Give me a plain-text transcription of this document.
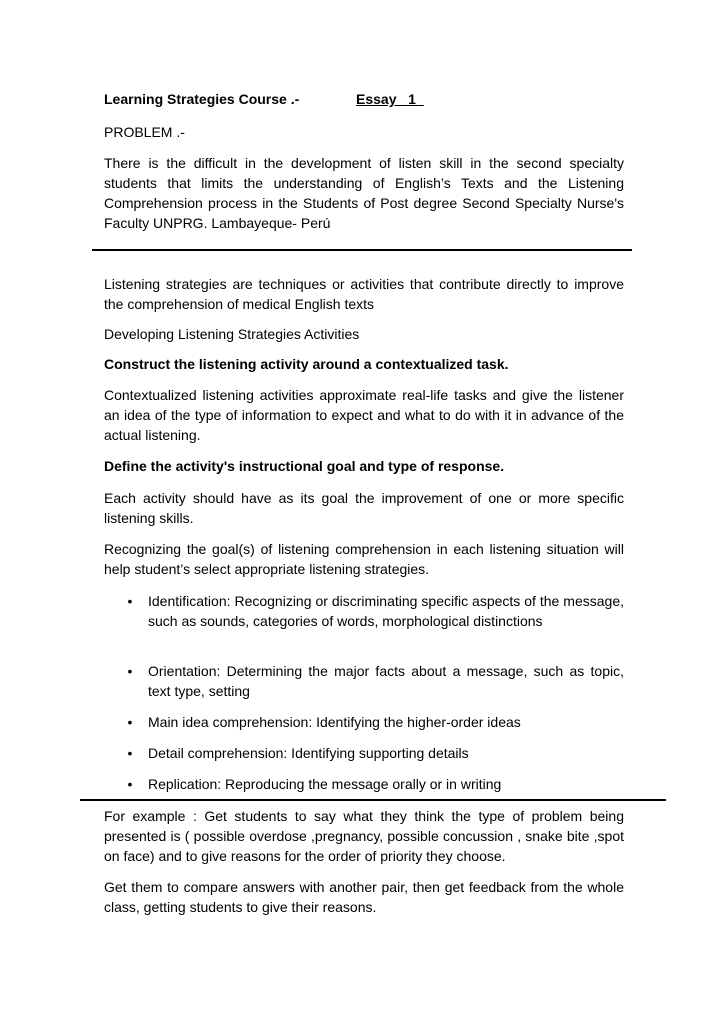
Learning Strategies Course .-	Essay   1
PROBLEM .-
There is the difficult in the development of listen skill in the second specialty students that limits the understanding of English’s Texts and the Listening Comprehension process in the Students of Post degree Second Specialty Nurse's Faculty UNPRG. Lambayeque- Perú
Listening strategies are techniques or activities that contribute directly to improve the comprehension of medical English texts
Developing Listening Strategies Activities
Construct the listening activity around a contextualized task.
Contextualized listening activities approximate real-life tasks and give the listener an idea of the type of information to expect and what to do with it in advance of the actual listening.
Define the activity's instructional goal and type of response.
Each activity should have as its goal the improvement of one or more specific listening skills.
Recognizing the goal(s) of listening comprehension in each listening situation will help student’s select appropriate listening strategies.
•	Identification: Recognizing or discriminating specific aspects of the message, such as sounds, categories of words, morphological distinctions
•	Orientation: Determining the major facts about a message, such as topic, text type, setting
•	Main idea comprehension: Identifying the higher-order ideas
•	Detail comprehension: Identifying supporting details
•	Replication: Reproducing the message orally or in writing
For example : Get students to say what they think the type of problem being presented is ( possible overdose ,pregnancy, possible concussion , snake bite ,spot on face) and to give reasons for the order of priority they choose.
Get them to compare answers with another pair, then get feedback from the whole class, getting students to give their reasons.
